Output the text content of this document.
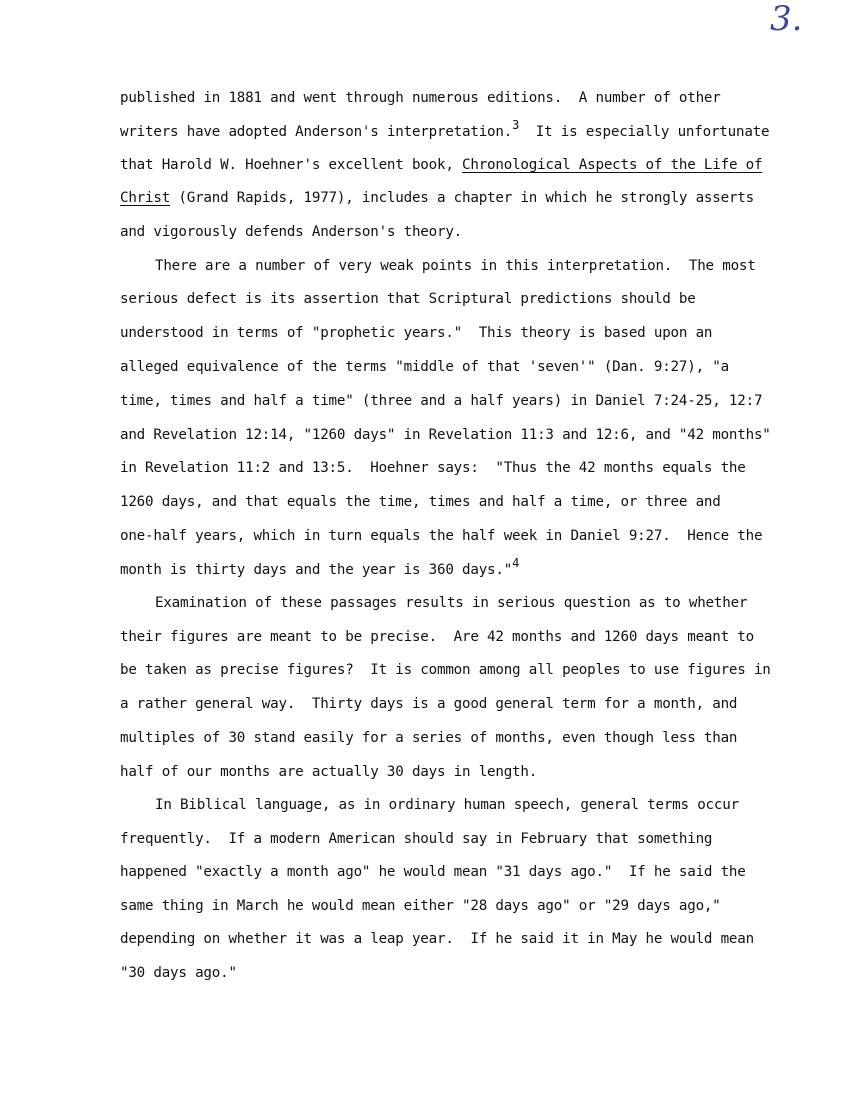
3.
published in 1881 and went through numerous editions.  A number of other
writers have adopted Anderson's interpretation.$^3$  It is especially unfortunate
that Harold W. Hoehner's excellent book, Chronological Aspects of the Life of
Christ (Grand Rapids, 1977), includes a chapter in which he strongly asserts
and vigorously defends Anderson's theory.
There are a number of very weak points in this interpretation.  The most
serious defect is its assertion that Scriptural predictions should be
understood in terms of "prophetic years."  This theory is based upon an
alleged equivalence of the terms "middle of that 'seven'" (Dan. 9:27), "a
time, times and half a time" (three and a half years) in Daniel 7:24-25, 12:7
and Revelation 12:14, "1260 days" in Revelation 11:3 and 12:6, and "42 months"
in Revelation 11:2 and 13:5.  Hoehner says:  "Thus the 42 months equals the
1260 days, and that equals the time, times and half a time, or three and
one-half years, which in turn equals the half week in Daniel 9:27.  Hence the
month is thirty days and the year is 360 days."$^4$
Examination of these passages results in serious question as to whether
their figures are meant to be precise.  Are 42 months and 1260 days meant to
be taken as precise figures?  It is common among all peoples to use figures in
a rather general way.  Thirty days is a good general term for a month, and
multiples of 30 stand easily for a series of months, even though less than
half of our months are actually 30 days in length.
In Biblical language, as in ordinary human speech, general terms occur
frequently.  If a modern American should say in February that something
happened "exactly a month ago" he would mean "31 days ago."  If he said the
same thing in March he would mean either "28 days ago" or "29 days ago,"
depending on whether it was a leap year.  If he said it in May he would mean
"30 days ago."
